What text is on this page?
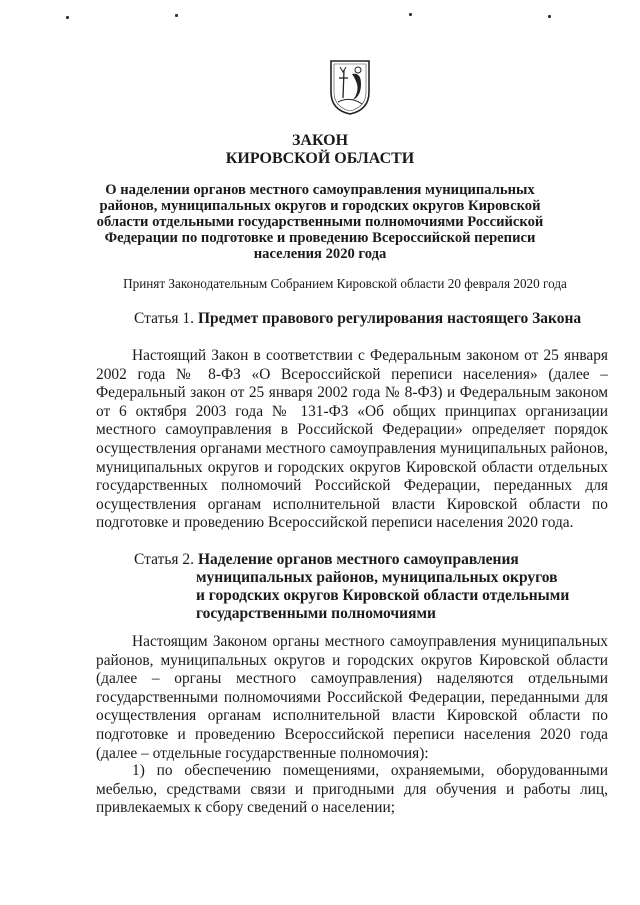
ЗАКОН
КИРОВСКОЙ ОБЛАСТИ
О наделении органов местного самоуправления муниципальных районов, муниципальных округов и городских округов Кировской области отдельными государственными полномочиями Российской Федерации по подготовке и проведению Всероссийской переписи населения 2020 года
Принят Законодательным Собранием Кировской области 20 февраля 2020 года
Статья 1. Предмет правового регулирования настоящего Закона
Настоящий Закон в соответствии с Федеральным законом от 25 января 2002 года № 8-ФЗ «О Всероссийской переписи населения» (далее – Федеральный закон от 25 января 2002 года № 8-ФЗ) и Федеральным законом от 6 октября 2003 года № 131-ФЗ «Об общих принципах организации местного самоуправления в Российской Федерации» определяет порядок осуществления органами местного самоуправления муниципальных районов, муниципальных округов и городских округов Кировской области отдельных государственных полномочий Российской Федерации, переданных для осуществления органам исполнительной власти Кировской области по подготовке и проведению Всероссийской переписи населения 2020 года.
Статья 2. Наделение органов местного самоуправления
муниципальных районов, муниципальных округов
и городских округов Кировской области отдельными
государственными полномочиями
Настоящим Законом органы местного самоуправления муниципальных районов, муниципальных округов и городских округов Кировской области (далее – органы местного самоуправления) наделяются отдельными государственными полномочиями Российской Федерации, переданными для осуществления органам исполнительной власти Кировской области по подготовке и проведению Всероссийской переписи населения 2020 года (далее – отдельные государственные полномочия):
1) по обеспечению помещениями, охраняемыми, оборудованными мебелью, средствами связи и пригодными для обучения и работы лиц, привлекаемых к сбору сведений о населении;
